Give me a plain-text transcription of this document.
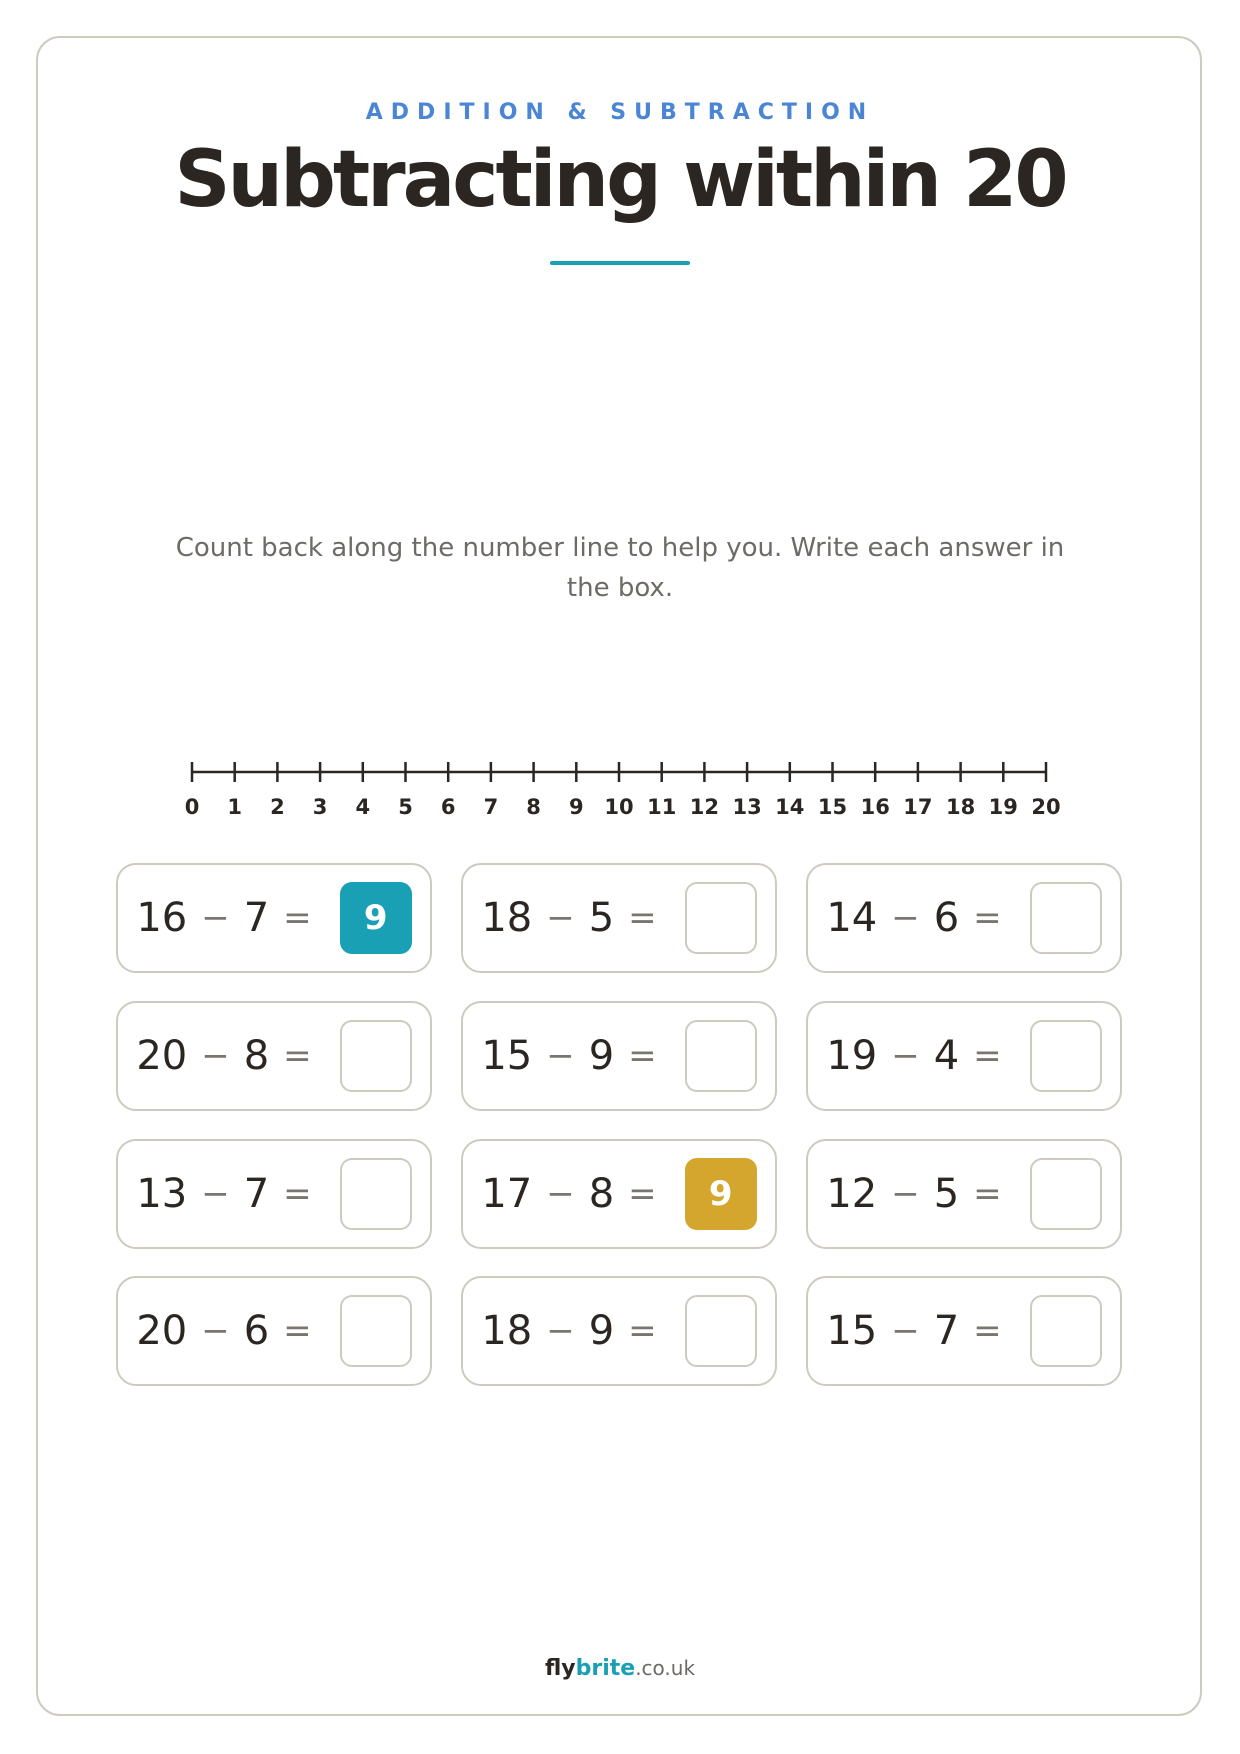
ADDITION & SUBTRACTION
Subtracting within 20
Count back along the number line to help you. Write each answer in the box.
0 1 2 3 4 5 6 7 8 9 10 11 12 13 14 15 16 17 18 19 20
16 − 7 =	9	18 − 5 =	14 − 6 =
20 − 8 =	15 − 9 =	19 − 4 =
13 − 7 =	17 − 8 =	9	12 − 5 =
20 − 6 =	18 − 9 =	15 − 7 =
flybrite.co.uk
